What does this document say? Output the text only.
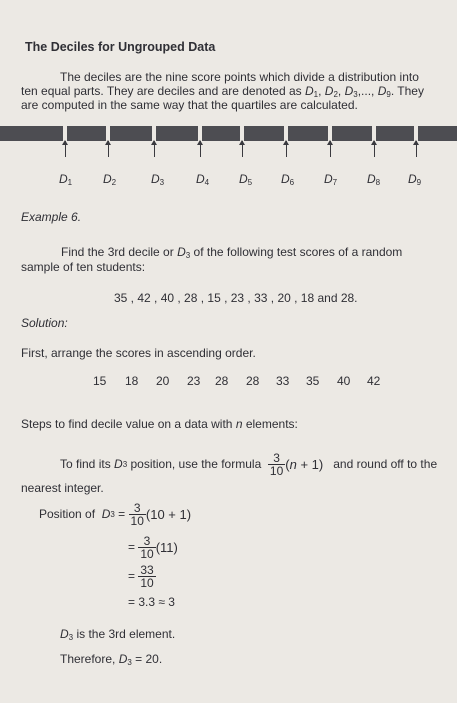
The Deciles for Ungrouped Data
The deciles are the nine score points which divide a distribution into
ten equal parts. They are deciles and are denoted as $D_1$, $D_2$, $D_3$,..., $D_9$. They
are computed in the same way that the quartiles are calculated.
$D_1$	$D_2$	$D_3$	$D_4$ $D_5$ $D_6$ $D_7$ $D_8$ $D_9$
Example 6.
Find the 3rd decile or $D_3$ of the following test scores of a random
sample of ten students:
35 , 42 , 40 , 28 , 15 , 23 , 33 , 20 , 18 and 28.
Solution:
First, arrange the scores in ascending order.
15 18 20 23 28 28 33 35 40 42
Steps to find decile value on a data with n elements:
To find its D 3
position, use the formula
$\frac{3}{10} (n + 1)$
and round off to the
nearest integer.
Position of
D $3 = \frac{3}{10} (10 + 1)$
= $\frac{3}{10} (11)$
= $\frac{33}{10}$
= 3.3 ≈ 3
$D_3$ is the 3rd element.
Therefore, $D_3 = 20$.
